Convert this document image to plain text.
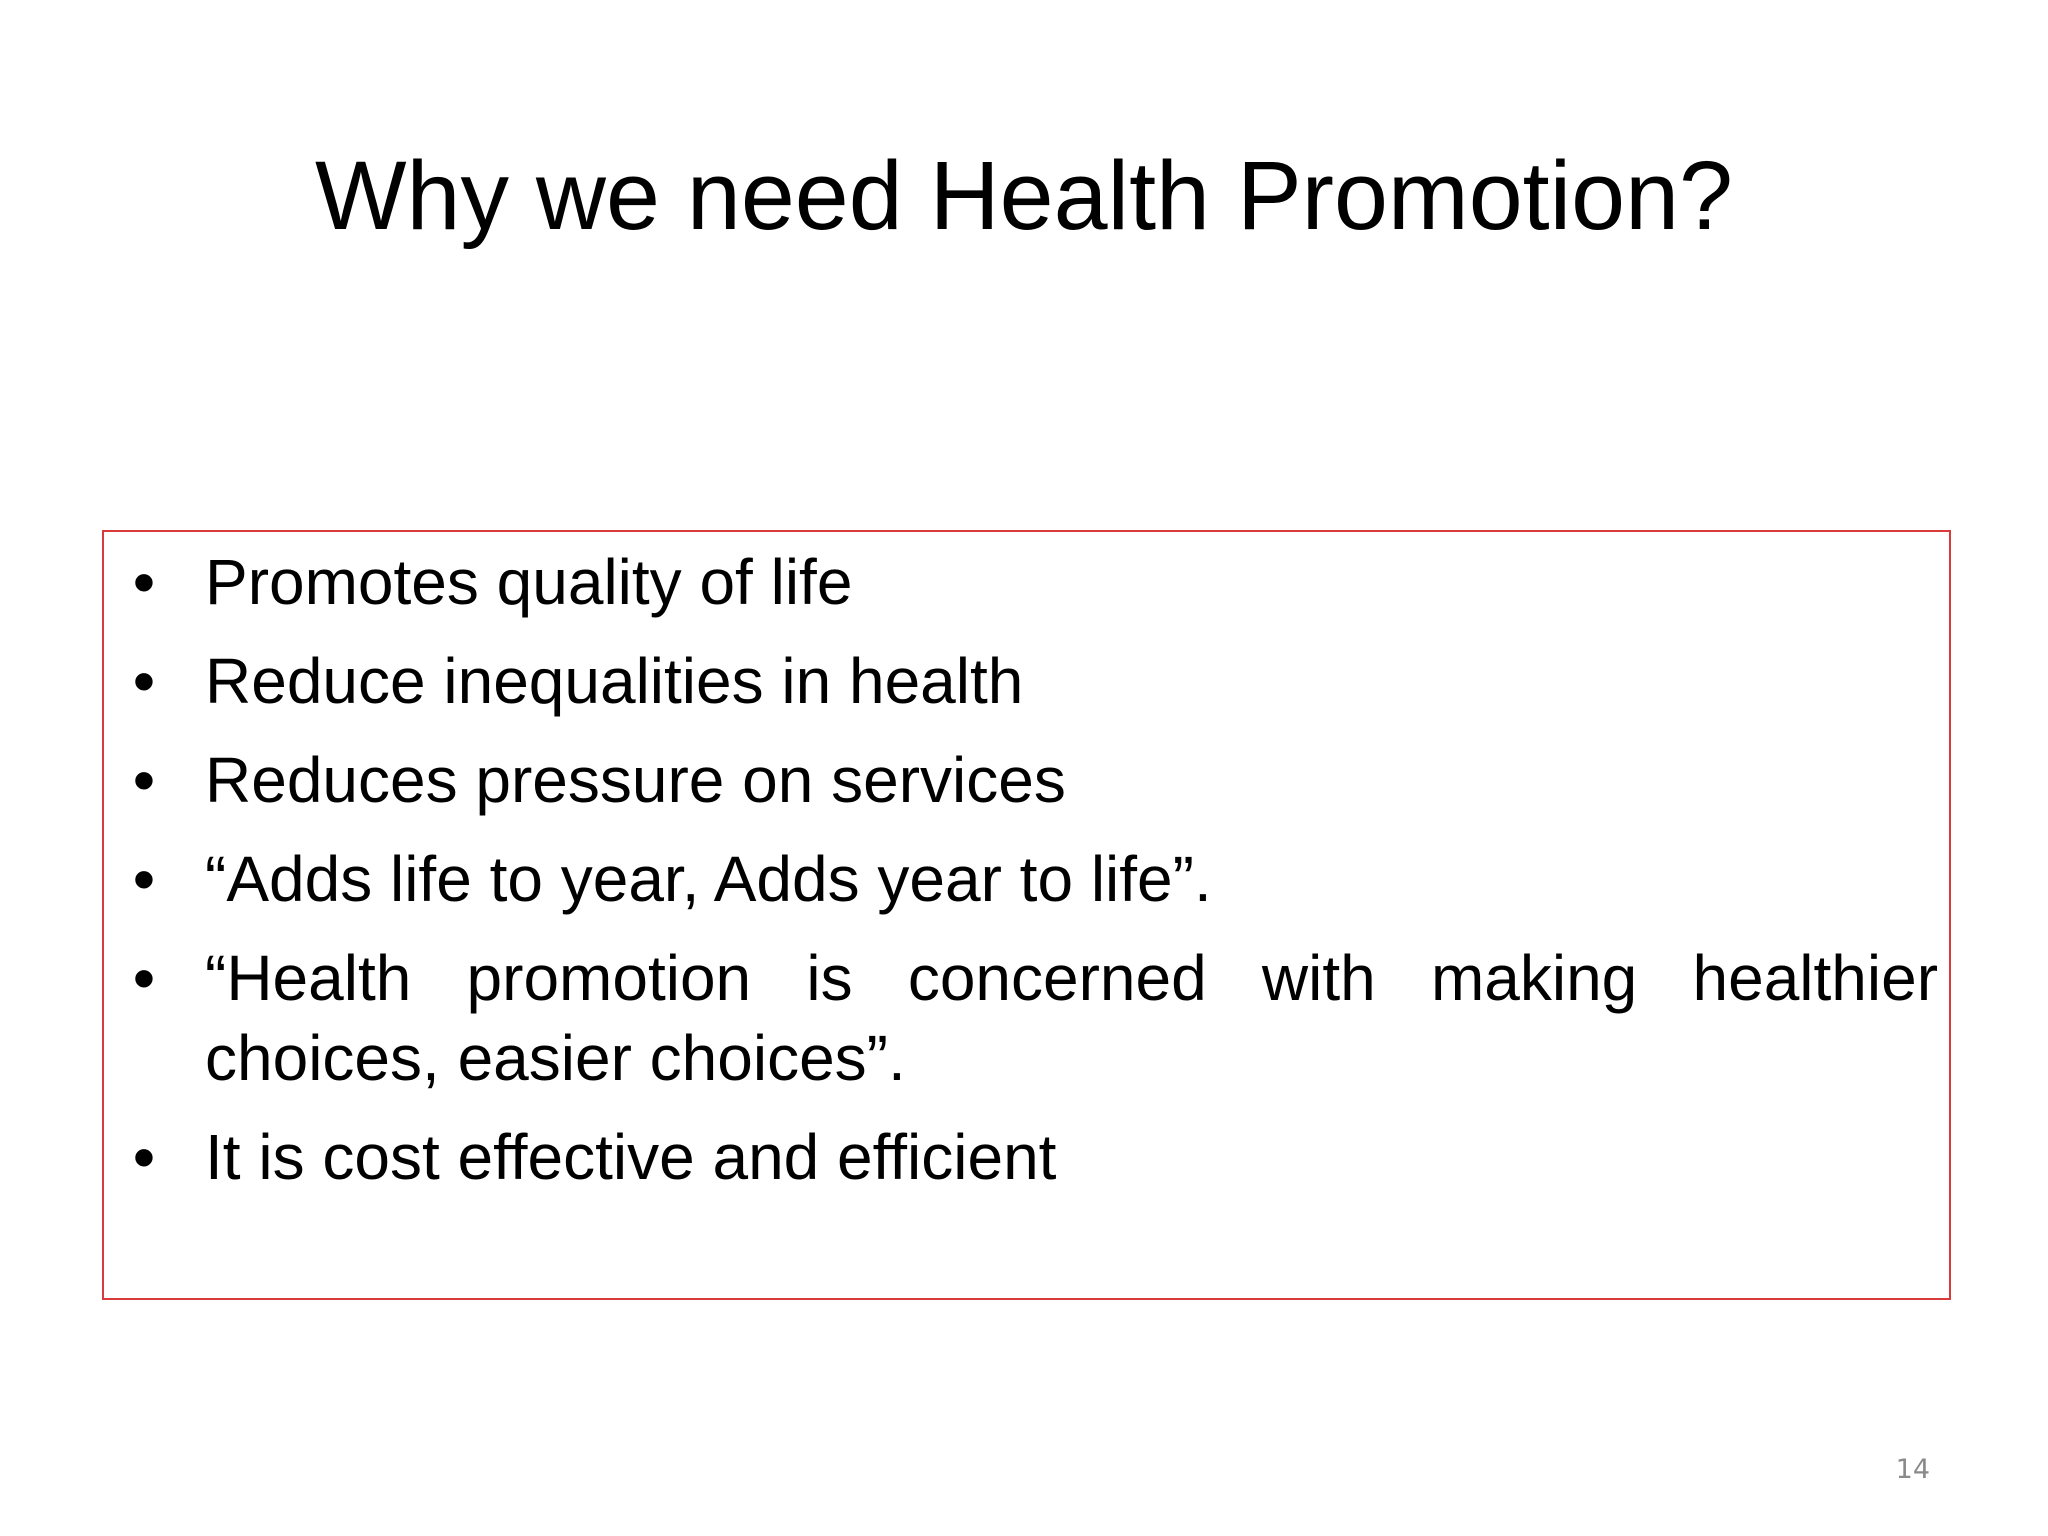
Why we need Health Promotion?
• Promotes quality of life
• Reduce inequalities in health
• Reduces pressure on services
• “Adds life to year, Adds year to life”.
• “Health promotion is concerned with making healthier choices, easier choices”.
• It is cost effective and efficient
14
